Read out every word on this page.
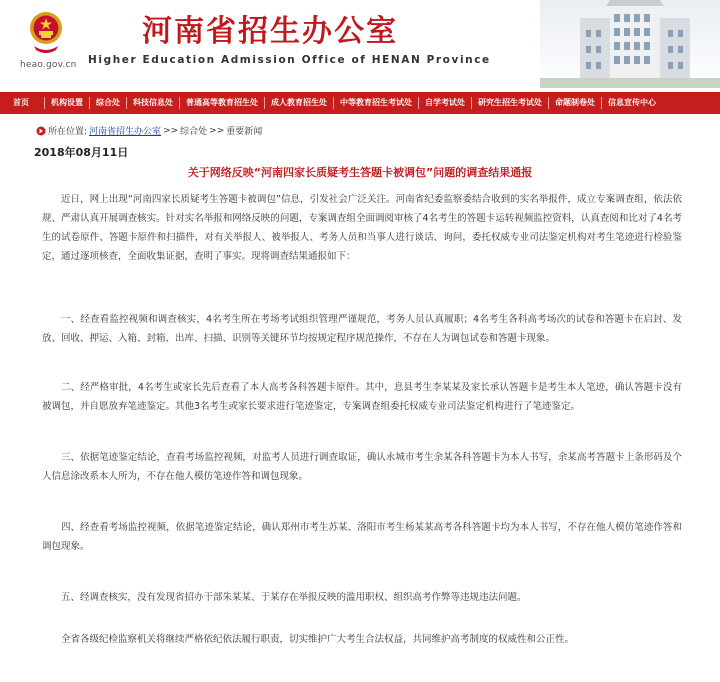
heao.gov.cn
HEAO 河南省招生办公室
Higher Education Admission Office of HENAN Province
首页	机构设置	综合处	科技信息处	普通高等教育招生处	成人教育招生处	中等教育招生考试处	自学考试处	研究生招生考试处	命题制卷处	信息宣传中心
所在位置: 河南省招生办公室 >> 综合处 >> 重要新闻
2018年08月11日
关于网络反映“河南四家长质疑考生答题卡被调包”问题的调查结果通报

近日，网上出现“河南四家长质疑考生答题卡被调包”信息，引发社会广泛关注。河南省纪委监察委结合收到的实名举报件，成立专案调查组，依法依规、严肃认真开展调查核实。针对实名举报和网络反映的问题，专案调查组全面调阅审核了4名考生的答题卡运转视频监控资料，认真查阅和比对了4名考生的试卷原件、答题卡原件和扫描件，对有关举报人、被举报人、考务人员和当事人进行谈话、询问，委托权威专业司法鉴定机构对考生笔迹进行检验鉴定，通过逐项核查，全面收集证据，查明了事实。现将调查结果通报如下：

一、经查看监控视频和调查核实，4名考生所在考场考试组织管理严谨规范，考务人员认真履职；4名考生各科高考场次的试卷和答题卡在启封、发放、回收、押运、入箱、封箱、出库、扫描、识别等关键环节均按规定程序规范操作，不存在人为调包试卷和答题卡现象。

二、经严格审批，4名考生或家长先后查看了本人高考各科答题卡原件。其中，息县考生李某某及家长承认答题卡是考生本人笔迹，确认答题卡没有被调包，并自愿放弃笔迹鉴定。其他3名考生或家长要求进行笔迹鉴定，专案调查组委托权威专业司法鉴定机构进行了笔迹鉴定。

三、依据笔迹鉴定结论，查看考场监控视频，对监考人员进行调查取证，确认永城市考生余某各科答题卡为本人书写，余某高考答题卡上条形码及个人信息涂改系本人所为，不存在他人模仿笔迹作答和调包现象。

四、经查看考场监控视频，依据笔迹鉴定结论，确认郑州市考生苏某、洛阳市考生杨某某高考各科答题卡均为本人书写，不存在他人模仿笔迹作答和调包现象。

五、经调查核实，没有发现省招办干部朱某某、于某存在举报反映的滥用职权、组织高考作弊等违规违法问题。

全省各级纪检监察机关将继续严格依纪依法履行职责，切实维护广大考生合法权益，共同维护高考制度的权威性和公正性。
